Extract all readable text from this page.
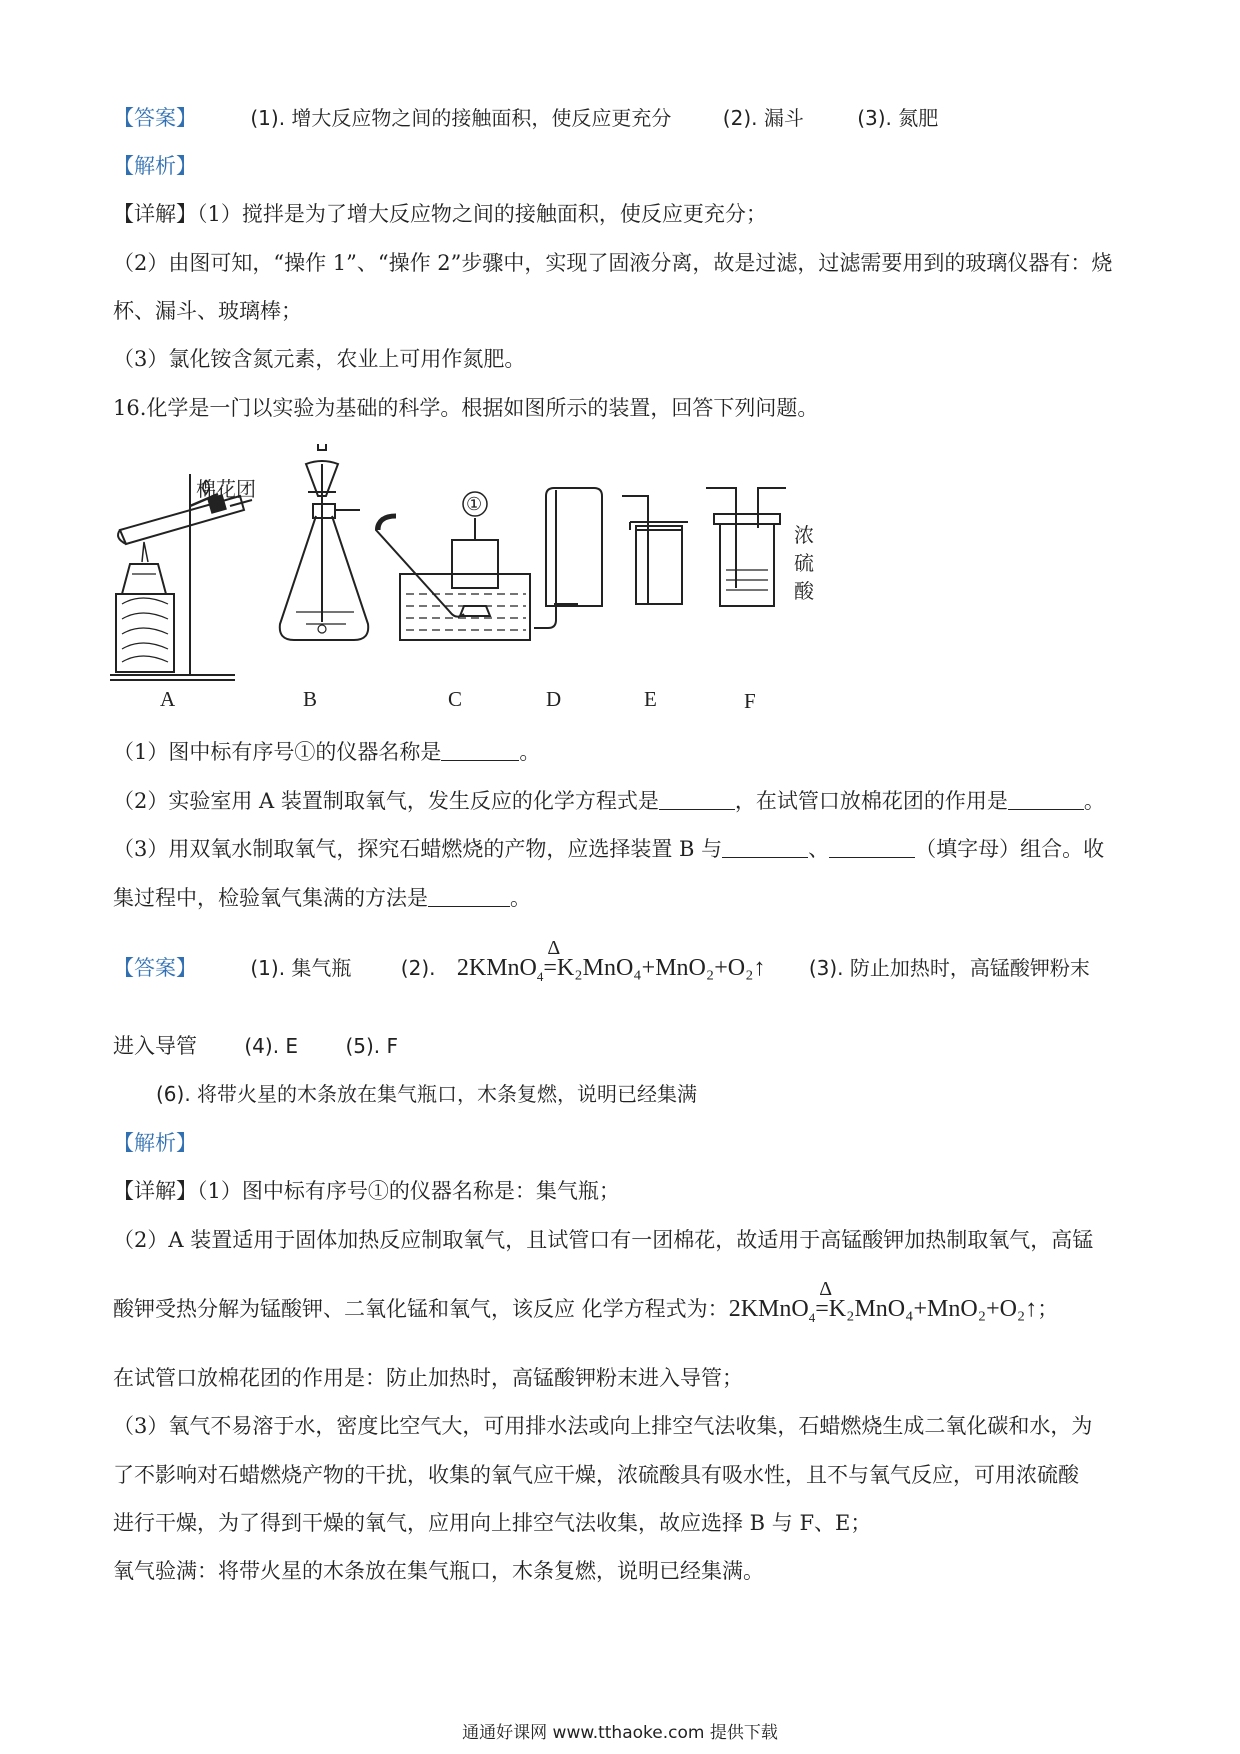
【答案】	(1). 增大反应物之间的接触面积，使反应更充分	(2). 漏斗	(3). 氮肥
【解析】
【详解】（1）搅拌是为了增大反应物之间的接触面积，使反应更充分；
（2）由图可知，“操作 1”、“操作 2”步骤中，实现了固液分离，故是过滤，过滤需要用到的玻璃仪器有：烧
杯、漏斗、玻璃棒；
（3）氯化铵含氮元素，农业上可用作氮肥。
16.化学是一门以实验为基础的科学。根据如图所示的装置，回答下列问题。
棉花团
浓
硫
酸
①
A	B	C	D	E	F
（1）图中标有序号①的仪器名称是	。
（2）实验室用 A 装置制取氧气，发生反应的化学方程式是	，在试管口放棉花团的作用是	。
（3）用双氧水制取氧气，探究石蜡燃烧的产物，应选择装置 B 与	、	（填字母）组合。收
集过程中，检验氧气集满的方法是	。
【答案】	(1). 集气瓶 (2). 2KMnO$_4$=
Δ
K₂MnO₄+MnO₂+O₂↑ (3). 防止加热时，高锰酸钾粉末
进入导管 (4). E (5). F
(6). 将带火星的木条放在集气瓶口，木条复燃，说明已经集满
【解析】
【详解】（1）图中标有序号①的仪器名称是：集气瓶；
（2）A 装置适用于固体加热反应制取氧气，且试管口有一团棉花，故适用于高锰酸钾加热制取氧气，高锰
酸钾受热分解为锰酸钾、二氧化锰和氧气，该反应 化学方程式为：2KMnO$_4$=
Δ
K₂MnO₄+MnO₂+O₂↑；
在试管口放棉花团的作用是：防止加热时，高锰酸钾粉末进入导管；
（3）氧气不易溶于水，密度比空气大，可用排水法或向上排空气法收集，石蜡燃烧生成二氧化碳和水，为
了不影响对石蜡燃烧产物的干扰，收集的氧气应干燥，浓硫酸具有吸水性，且不与氧气反应，可用浓硫酸
进行干燥，为了得到干燥的氧气，应用向上排空气法收集，故应选择 B 与 F、E；
氧气验满：将带火星的木条放在集气瓶口，木条复燃，说明已经集满。
通通好课网 www.tthaoke.com 提供下载
